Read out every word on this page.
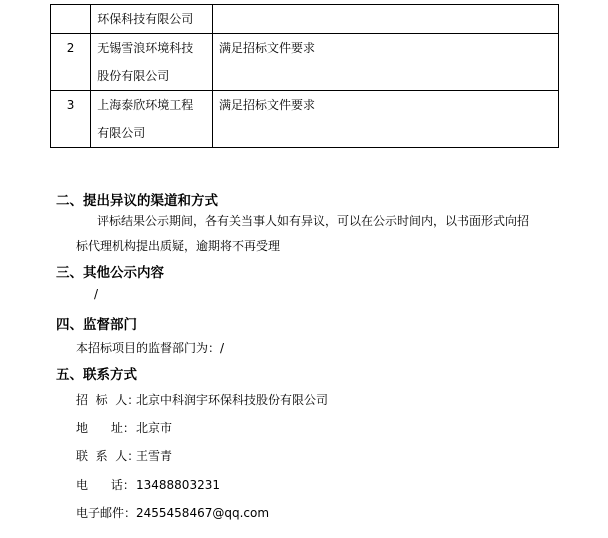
	环保科技有限公司	

2	无锡雪浪环境科技
股份有限公司	满足招标文件要求

3	上海泰欣环境工程
有限公司	满足招标文件要求
二、提出异议的渠道和方式
评标结果公示期间，各有关当事人如有异议，可以在公示时间内，以书面形式向招
标代理机构提出质疑，逾期将不再受理
三、其他公示内容
/
四、监督部门
本招标项目的监督部门为：/
五、联系方式
招  标  人：北京中科润宇环保科技股份有限公司
地      址：北京市
联  系  人：王雪青
电      话：13488803231
电子邮件：2455458467@qq.com
